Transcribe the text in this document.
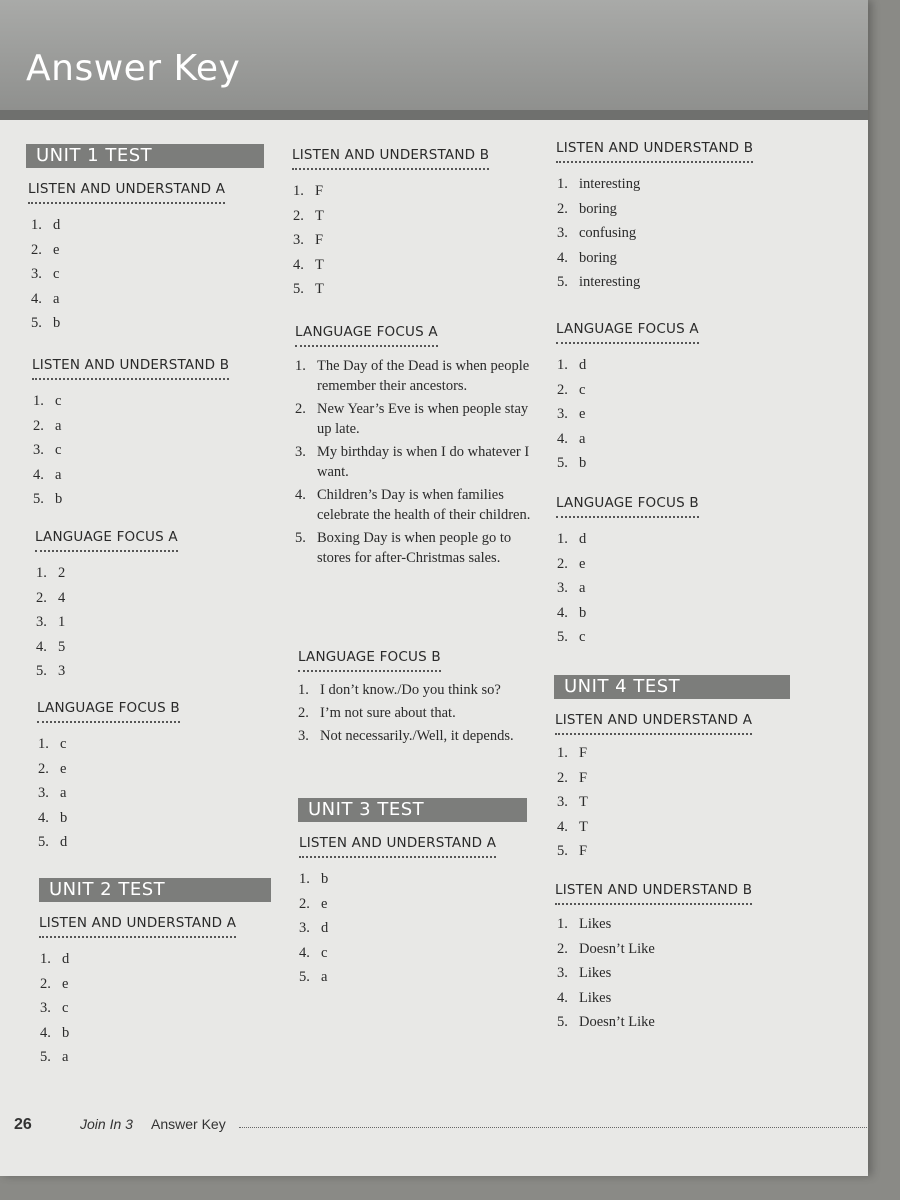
Answer Key
UNIT 1 TEST
LISTEN AND UNDERSTAND A
1. d
2. e
3. c
4. a
5. b
LISTEN AND UNDERSTAND B
1. c
2. a
3. c
4. a
5. b
LANGUAGE FOCUS A
1. 2
2. 4
3. 1
4. 5
5. 3
LANGUAGE FOCUS B
1. c
2. e
3. a
4. b
5. d
UNIT 2 TEST
LISTEN AND UNDERSTAND A
1. d
2. e
3. c
4. b
5. a
LISTEN AND UNDERSTAND B
1. F
2. T
3. F
4. T
5. T
LANGUAGE FOCUS A
1. The Day of the Dead is when people remember their ancestors.
2. New Year’s Eve is when people stay up late.
3. My birthday is when I do whatever I want.
4. Children’s Day is when families celebrate the health of their children.
5. Boxing Day is when people go to stores for after-Christmas sales.
LANGUAGE FOCUS B
1. I don’t know./Do you think so?
2. I’m not sure about that.
3. Not necessarily./Well, it depends.
UNIT 3 TEST
LISTEN AND UNDERSTAND A
1. b
2. e
3. d
4. c
5. a
LISTEN AND UNDERSTAND B
1. interesting
2. boring
3. confusing
4. boring
5. interesting
LANGUAGE FOCUS A
1. d
2. c
3. e
4. a
5. b
LANGUAGE FOCUS B
1. d
2. e
3. a
4. b
5. c
UNIT 4 TEST
LISTEN AND UNDERSTAND A
1. F
2. F
3. T
4. T
5. F
LISTEN AND UNDERSTAND B
1. Likes
2. Doesn’t Like
3. Likes
4. Likes
5. Doesn’t Like
26	Join In 3 Answer Key
